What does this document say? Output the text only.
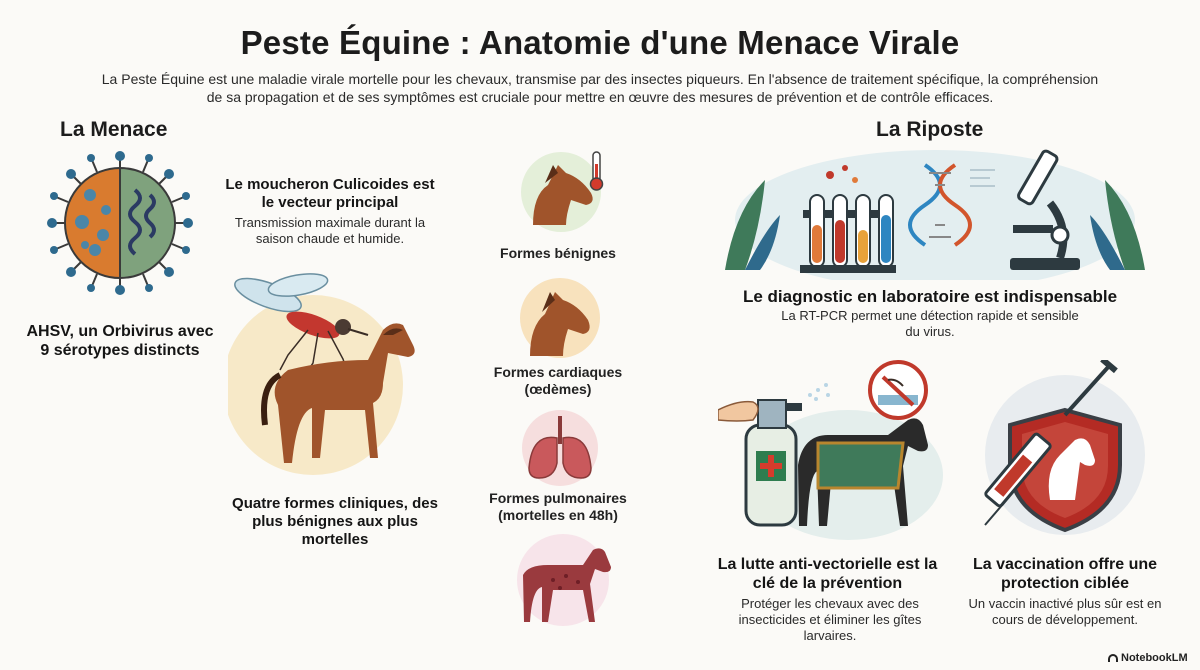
Peste Équine : Anatomie d'une Menace Virale
La Peste Équine est une maladie virale mortelle pour les chevaux, transmise par des insectes piqueurs. En l'absence de traitement spécifique, la compréhension de sa propagation et de ses symptômes est cruciale pour mettre en œuvre des mesures de prévention et de contrôle efficaces.
La Menace	La Riposte
AHSV, un Orbivirus avec 9 sérotypes distincts
Le moucheron Culicoides est le vecteur principal
Transmission maximale durant la saison chaude et humide.
Quatre formes cliniques, des plus bénignes aux plus mortelles
Formes bénignes
Formes cardiaques (œdèmes)
Formes pulmonaires (mortelles en 48h)
Le diagnostic en laboratoire est indispensable
La RT-PCR permet une détection rapide et sensible du virus.
La lutte anti-vectorielle est la clé de la prévention
Protéger les chevaux avec des insecticides et éliminer les gîtes larvaires.
La vaccination offre une protection ciblée
Un vaccin inactivé plus sûr est en cours de développement.
NotebookLM
